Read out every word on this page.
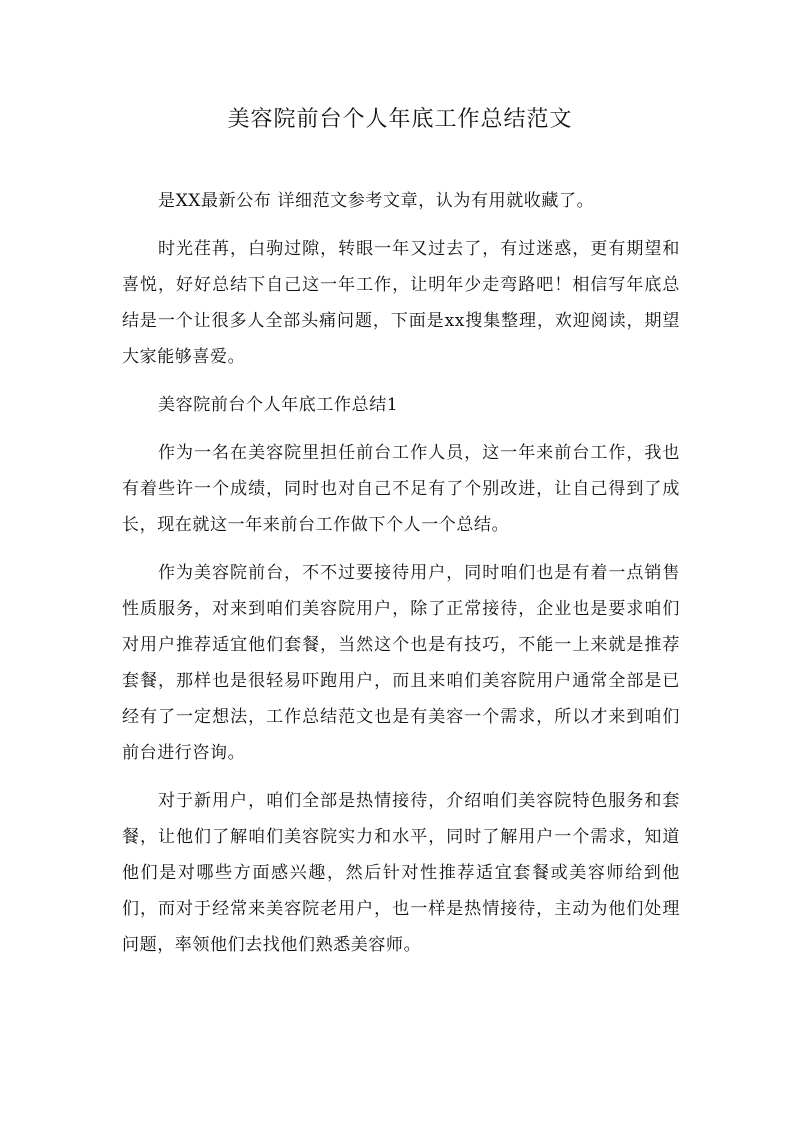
美容院前台个人年底工作总结范文

是XX最新公布 详细范文参考文章，认为有用就收藏了。

时光荏苒，白驹过隙，转眼一年又过去了，有过迷惑，更有期望和喜悦，好好总结下自己这一年工作，让明年少走弯路吧！相信写年底总结是一个让很多人全部头痛问题，下面是xx搜集整理，欢迎阅读，期望大家能够喜爱。

美容院前台个人年底工作总结1

作为一名在美容院里担任前台工作人员，这一年来前台工作，我也有着些许一个成绩，同时也对自己不足有了个别改进，让自己得到了成长，现在就这一年来前台工作做下个人一个总结。

作为美容院前台，不不过要接待用户，同时咱们也是有着一点销售性质服务，对来到咱们美容院用户，除了正常接待，企业也是要求咱们对用户推荐适宜他们套餐，当然这个也是有技巧，不能一上来就是推荐套餐，那样也是很轻易吓跑用户，而且来咱们美容院用户通常全部是已经有了一定想法，工作总结范文也是有美容一个需求，所以才来到咱们前台进行咨询。

对于新用户，咱们全部是热情接待，介绍咱们美容院特色服务和套餐，让他们了解咱们美容院实力和水平，同时了解用户一个需求，知道他们是对哪些方面感兴趣，然后针对性推荐适宜套餐或美容师给到他们，而对于经常来美容院老用户，也一样是热情接待，主动为他们处理问题，率领他们去找他们熟悉美容师。
